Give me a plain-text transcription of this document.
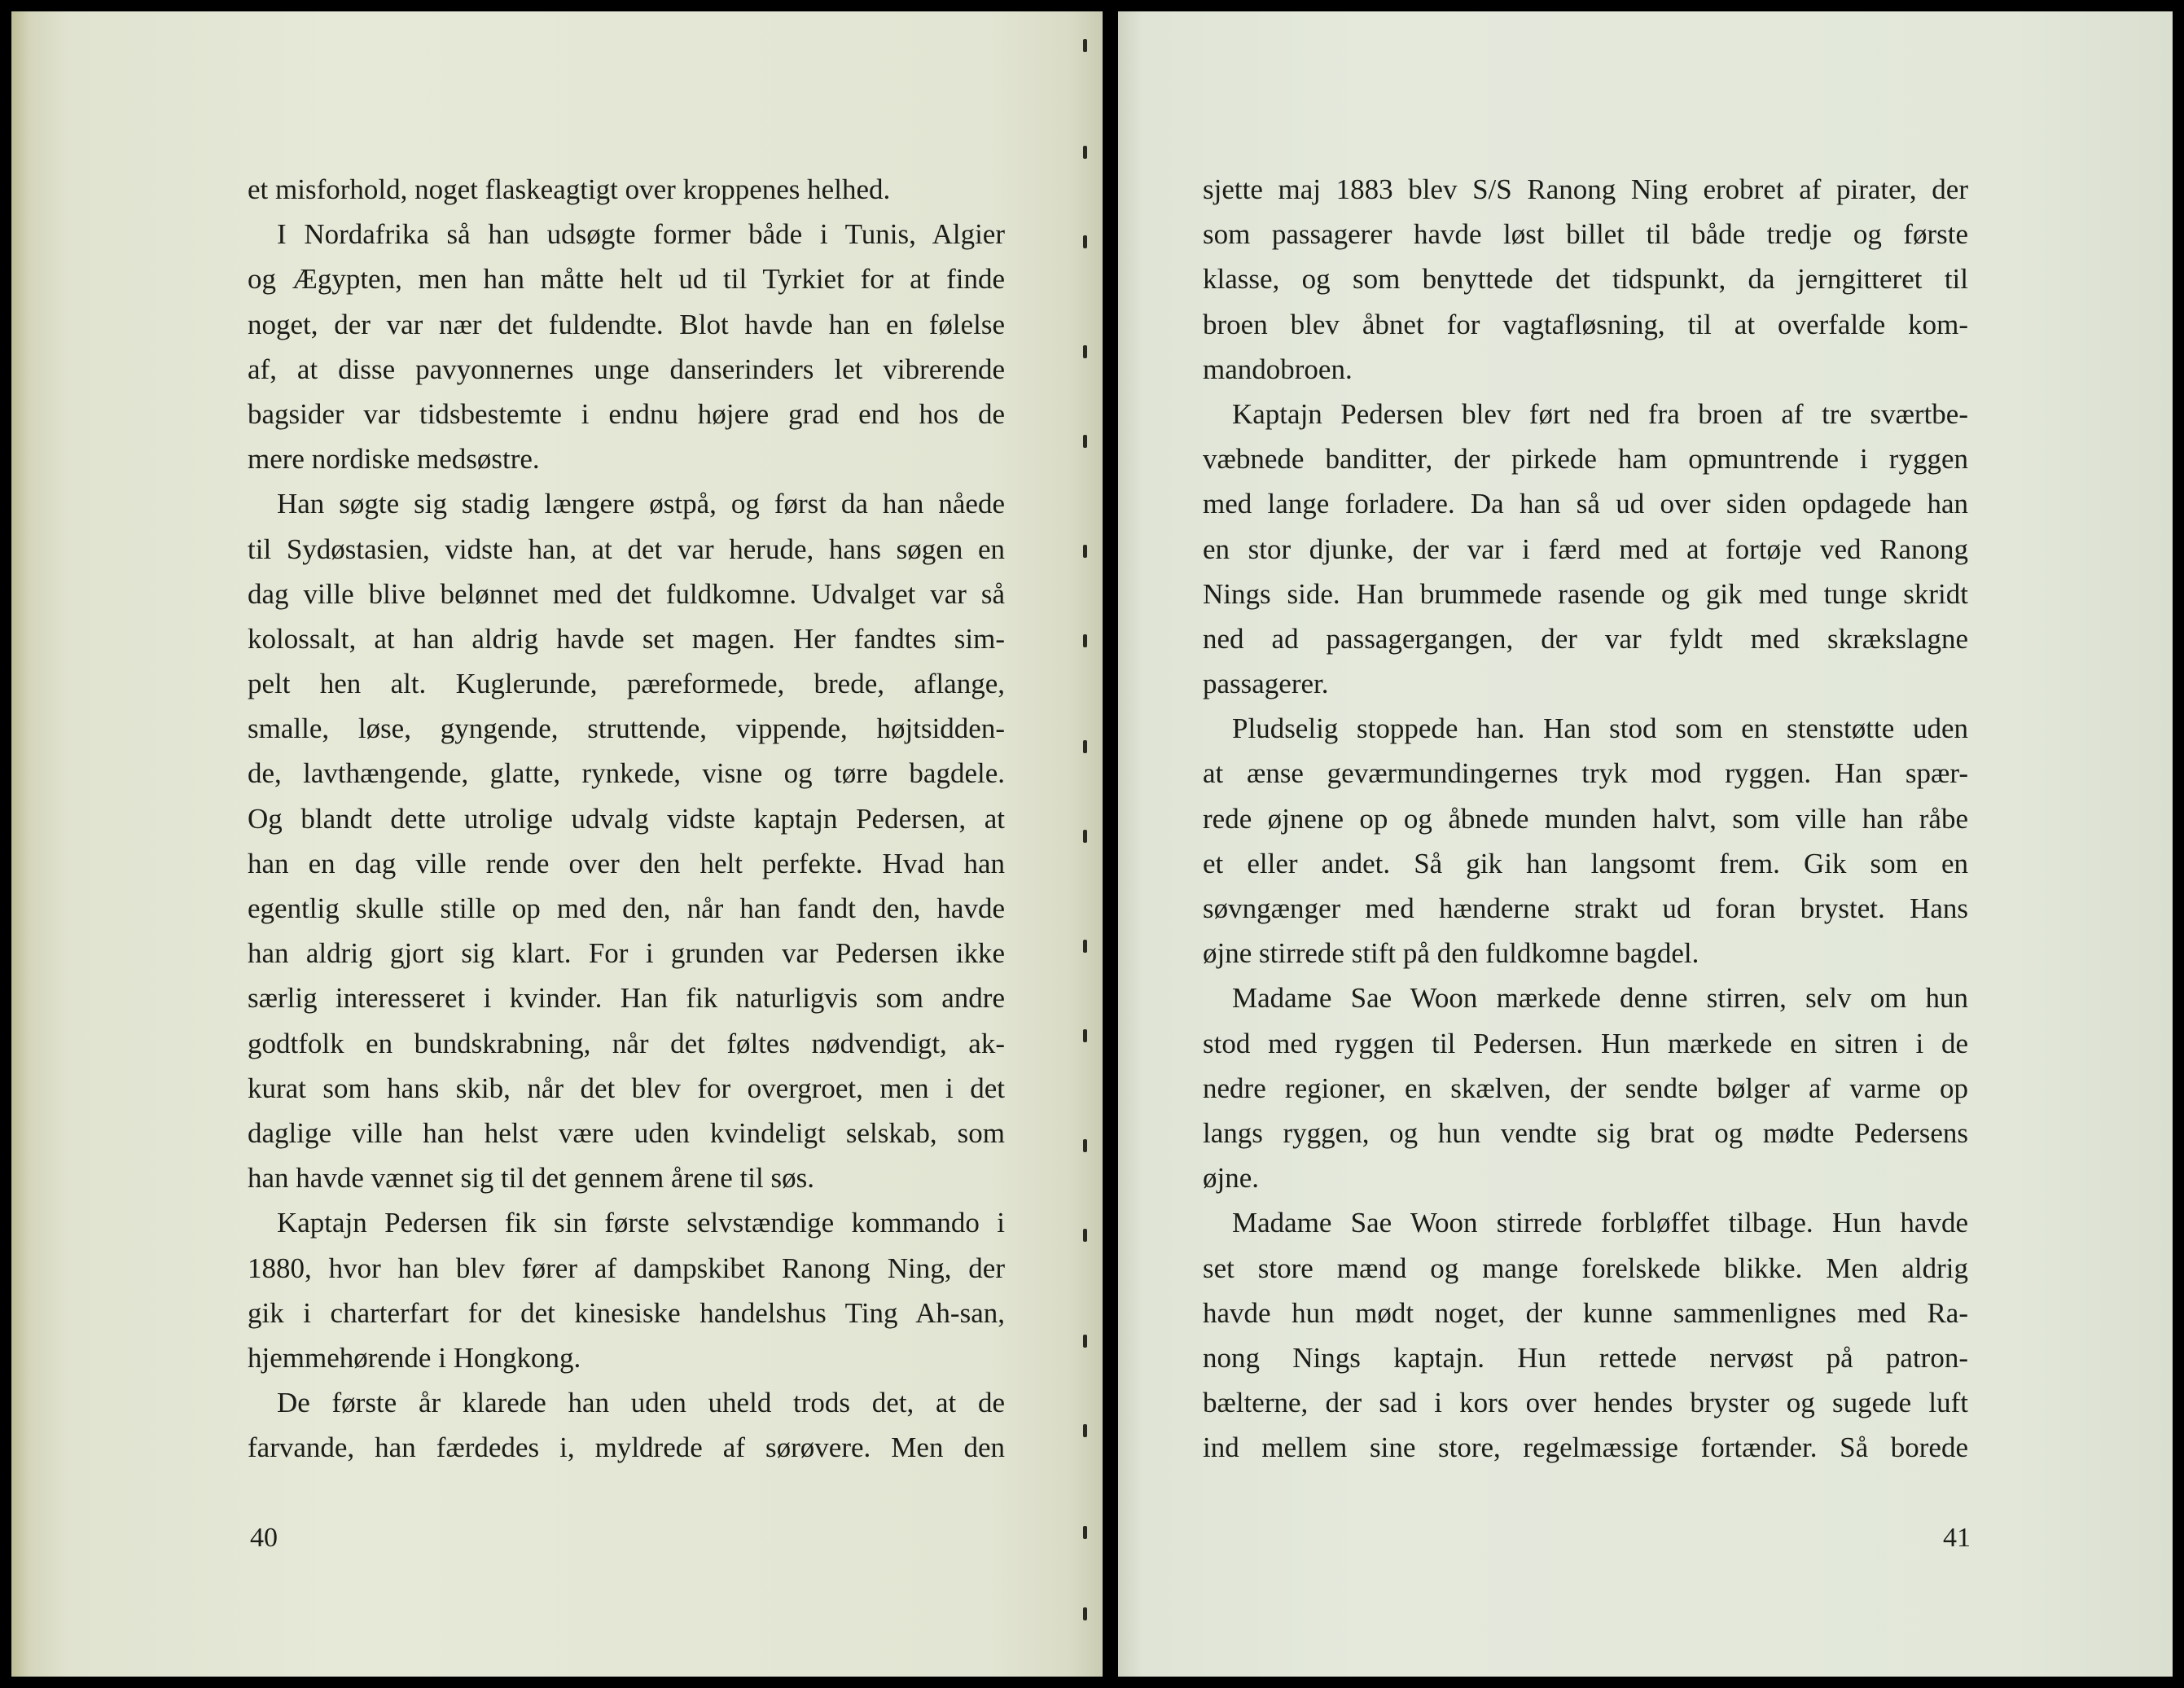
et misforhold, noget flaskeagtigt over kroppenes helhed.
I Nordafrika så han udsøgte former både i Tunis, Algier
og Ægypten, men han måtte helt ud til Tyrkiet for at finde
noget, der var nær det fuldendte. Blot havde han en følelse
af, at disse pavyonnernes unge danserinders let vibrerende
bagsider var tidsbestemte i endnu højere grad end hos de
mere nordiske medsøstre.
Han søgte sig stadig længere østpå, og først da han nåede
til Sydøstasien, vidste han, at det var herude, hans søgen en
dag ville blive belønnet med det fuldkomne. Udvalget var så
kolossalt, at han aldrig havde set magen. Her fandtes sim-
pelt hen alt. Kuglerunde, pæreformede, brede, aflange,
smalle, løse, gyngende, struttende, vippende, højtsidden-
de, lavthængende, glatte, rynkede, visne og tørre bagdele.
Og blandt dette utrolige udvalg vidste kaptajn Pedersen, at
han en dag ville rende over den helt perfekte. Hvad han
egentlig skulle stille op med den, når han fandt den, havde
han aldrig gjort sig klart. For i grunden var Pedersen ikke
særlig interesseret i kvinder. Han fik naturligvis som andre
godtfolk en bundskrabning, når det føltes nødvendigt, ak-
kurat som hans skib, når det blev for overgroet, men i det
daglige ville han helst være uden kvindeligt selskab, som
han havde vænnet sig til det gennem årene til søs.
Kaptajn Pedersen fik sin første selvstændige kommando i
1880, hvor han blev fører af dampskibet Ranong Ning, der
gik i charterfart for det kinesiske handelshus Ting Ah-san,
hjemmehørende i Hongkong.
De første år klarede han uden uheld trods det, at de
farvande, han færdedes i, myldrede af sørøvere. Men den
40
sjette maj 1883 blev S/S Ranong Ning erobret af pirater, der
som passagerer havde løst billet til både tredje og første
klasse, og som benyttede det tidspunkt, da jerngitteret til
broen blev åbnet for vagtafløsning, til at overfalde kom-
mandobroen.
Kaptajn Pedersen blev ført ned fra broen af tre sværtbe-
væbnede banditter, der pirkede ham opmuntrende i ryggen
med lange forladere. Da han så ud over siden opdagede han
en stor djunke, der var i færd med at fortøje ved Ranong
Nings side. Han brummede rasende og gik med tunge skridt
ned ad passagergangen, der var fyldt med skrækslagne
passagerer.
Pludselig stoppede han. Han stod som en stenstøtte uden
at ænse geværmundingernes tryk mod ryggen. Han spær-
rede øjnene op og åbnede munden halvt, som ville han råbe
et eller andet. Så gik han langsomt frem. Gik som en
søvngænger med hænderne strakt ud foran brystet. Hans
øjne stirrede stift på den fuldkomne bagdel.
Madame Sae Woon mærkede denne stirren, selv om hun
stod med ryggen til Pedersen. Hun mærkede en sitren i de
nedre regioner, en skælven, der sendte bølger af varme op
langs ryggen, og hun vendte sig brat og mødte Pedersens
øjne.
Madame Sae Woon stirrede forbløffet tilbage. Hun havde
set store mænd og mange forelskede blikke. Men aldrig
havde hun mødt noget, der kunne sammenlignes med Ra-
nong Nings kaptajn. Hun rettede nervøst på patron-
bælterne, der sad i kors over hendes bryster og sugede luft
ind mellem sine store, regelmæssige fortænder. Så borede
41
